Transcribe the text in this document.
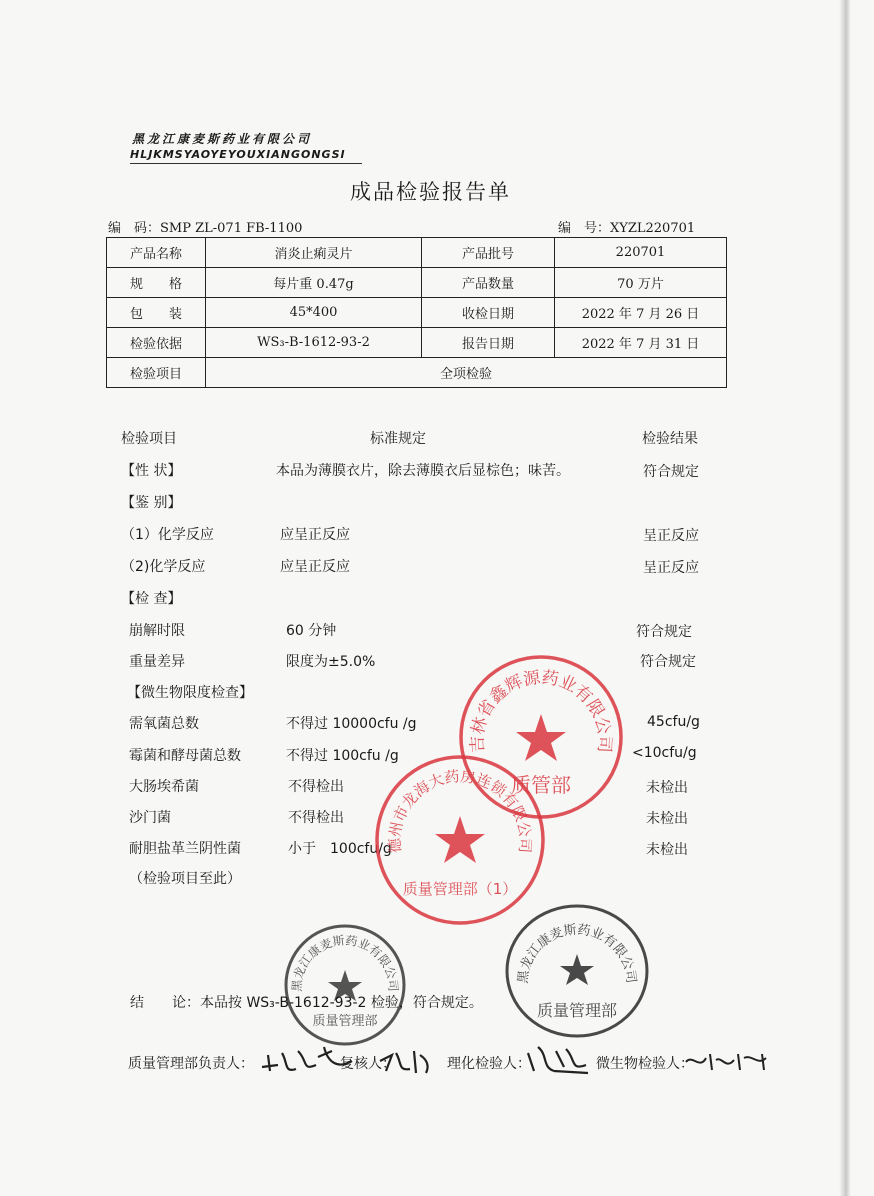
黑龙江康麦斯药业有限公司
HLJKMSYAOYEYOUXIANGONGSI
成品检验报告单
编　码：SMP ZL-071 FB-1100	编　号：XYZL220701
产品名称	消炎止痢灵片	产品批号	220701
规　　格	每片重 0.47g	产品数量	70 万片
包　　装	45*400	收检日期	2022 年 7 月 26 日
检验依据	WS₃-B-1612-93-2	报告日期	2022 年 7 月 31 日
检验项目	全项检验		
检验项目	标准规定	检验结果
【性 状】	本品为薄膜衣片，除去薄膜衣后显棕色；味苦。	符合规定
【鉴 别】
（1）化学反应	应呈正反应	呈正反应
（2)化学反应	应呈正反应	呈正反应
【检 查】
崩解时限	60 分钟	符合规定
重量差异	限度为±5.0%	符合规定
【微生物限度检查】
需氧菌总数	不得过 10000cfu /g	45cfu/g
霉菌和酵母菌总数	不得过 100cfu /g	<10cfu/g
大肠埃希菌	不得检出	未检出
沙门菌	不得检出	未检出
耐胆盐革兰阴性菌	小于　100cfu/g	未检出
（检验项目至此）
吉林省鑫辉源药业有限公司
质管部
德州市龙海大药房连锁有限公司
质量管理部（1）
黑龙江康麦斯药业有限公司
质量管理部
黑龙江康麦斯药业有限公司
质量管理部
结　　论：本品按 WS₃-B-1612-93-2 检验，符合规定。
质量管理部负责人：	复核人：	理化检验人：	微生物检验人：
